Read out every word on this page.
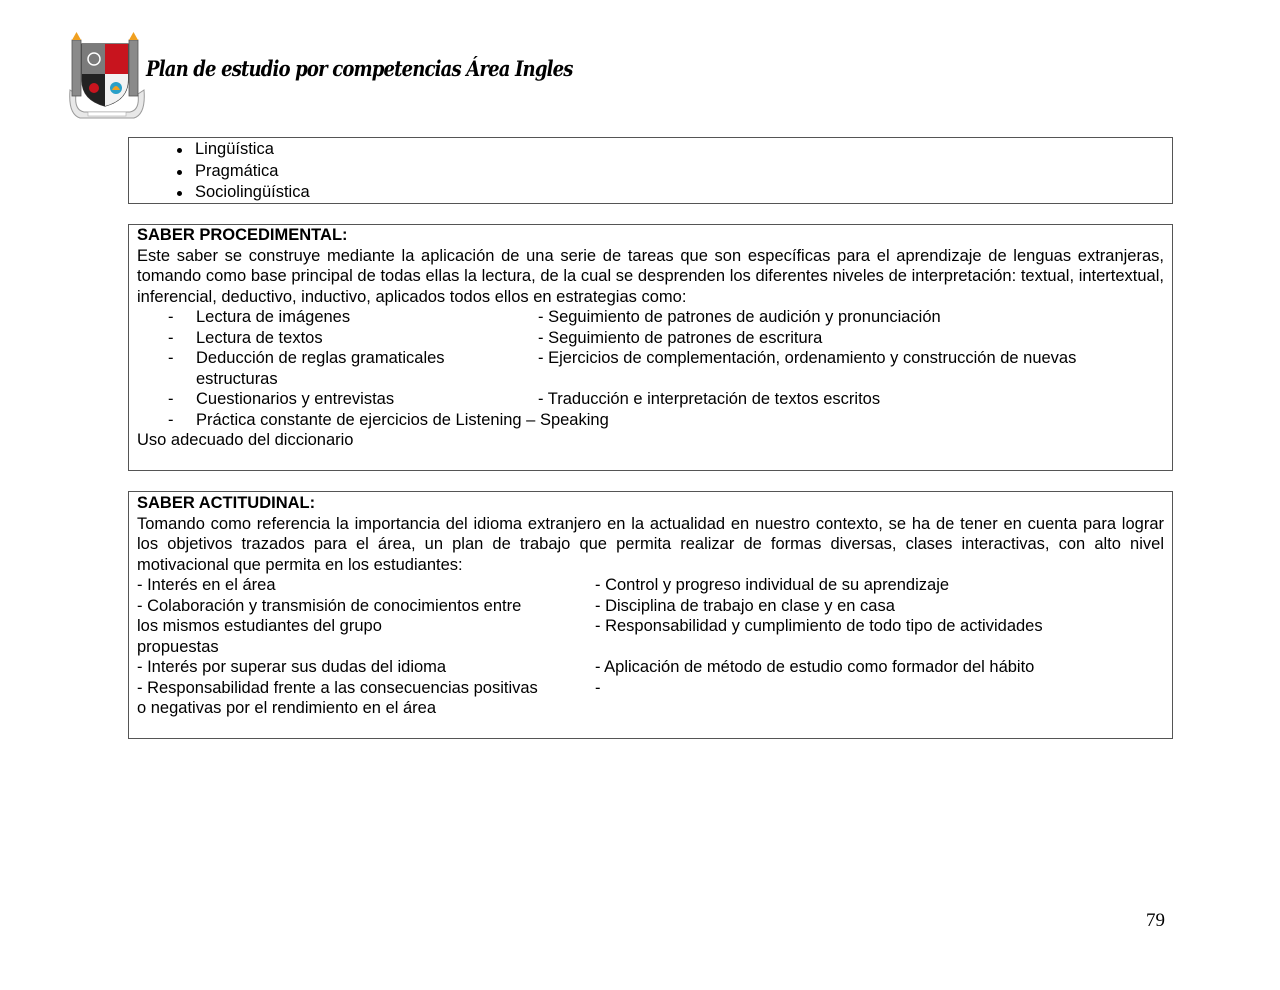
Plan de estudio por competencias Área Ingles
Lingüística
Pragmática
Sociolingüística

SABER PROCEDIMENTAL:

Este saber se construye mediante la aplicación de una serie de tareas que son específicas para el aprendizaje de lenguas extranjeras, tomando como base principal de todas ellas la lectura, de la cual se desprenden los diferentes niveles de interpretación: textual, intertextual, inferencial, deductivo, inductivo, aplicados todos ellos en estrategias como:

- Lectura de imágenes	- Seguimiento de patrones de audición y pronunciación
- Lectura de textos	- Seguimiento de patrones de escritura
- Deducción de reglas gramaticales	- Ejercicios de complementación, ordenamiento y construcción de nuevas
estructuras
- Cuestionarios y entrevistas	- Traducción e interpretación de textos escritos
- Práctica constante de ejercicios de Listening – Speaking

Uso adecuado del diccionario

SABER ACTITUDINAL:

Tomando como referencia la importancia del idioma extranjero en la actualidad en nuestro contexto, se ha de tener en cuenta para lograr los objetivos trazados para el área, un plan de trabajo que permita realizar de formas diversas, clases interactivas, con alto nivel motivacional que permita en los estudiantes:

- Interés en el área	- Control y progreso individual de su aprendizaje
- Colaboración y transmisión de conocimientos entre	- Disciplina de trabajo en clase y en casa
los mismos estudiantes del grupo	- Responsabilidad y cumplimiento de todo tipo de actividades
propuestas
- Interés por superar sus dudas del idioma	- Aplicación de método de estudio como formador del hábito
- Responsabilidad frente a las consecuencias positivas	-
o negativas por el rendimiento en el área
79
